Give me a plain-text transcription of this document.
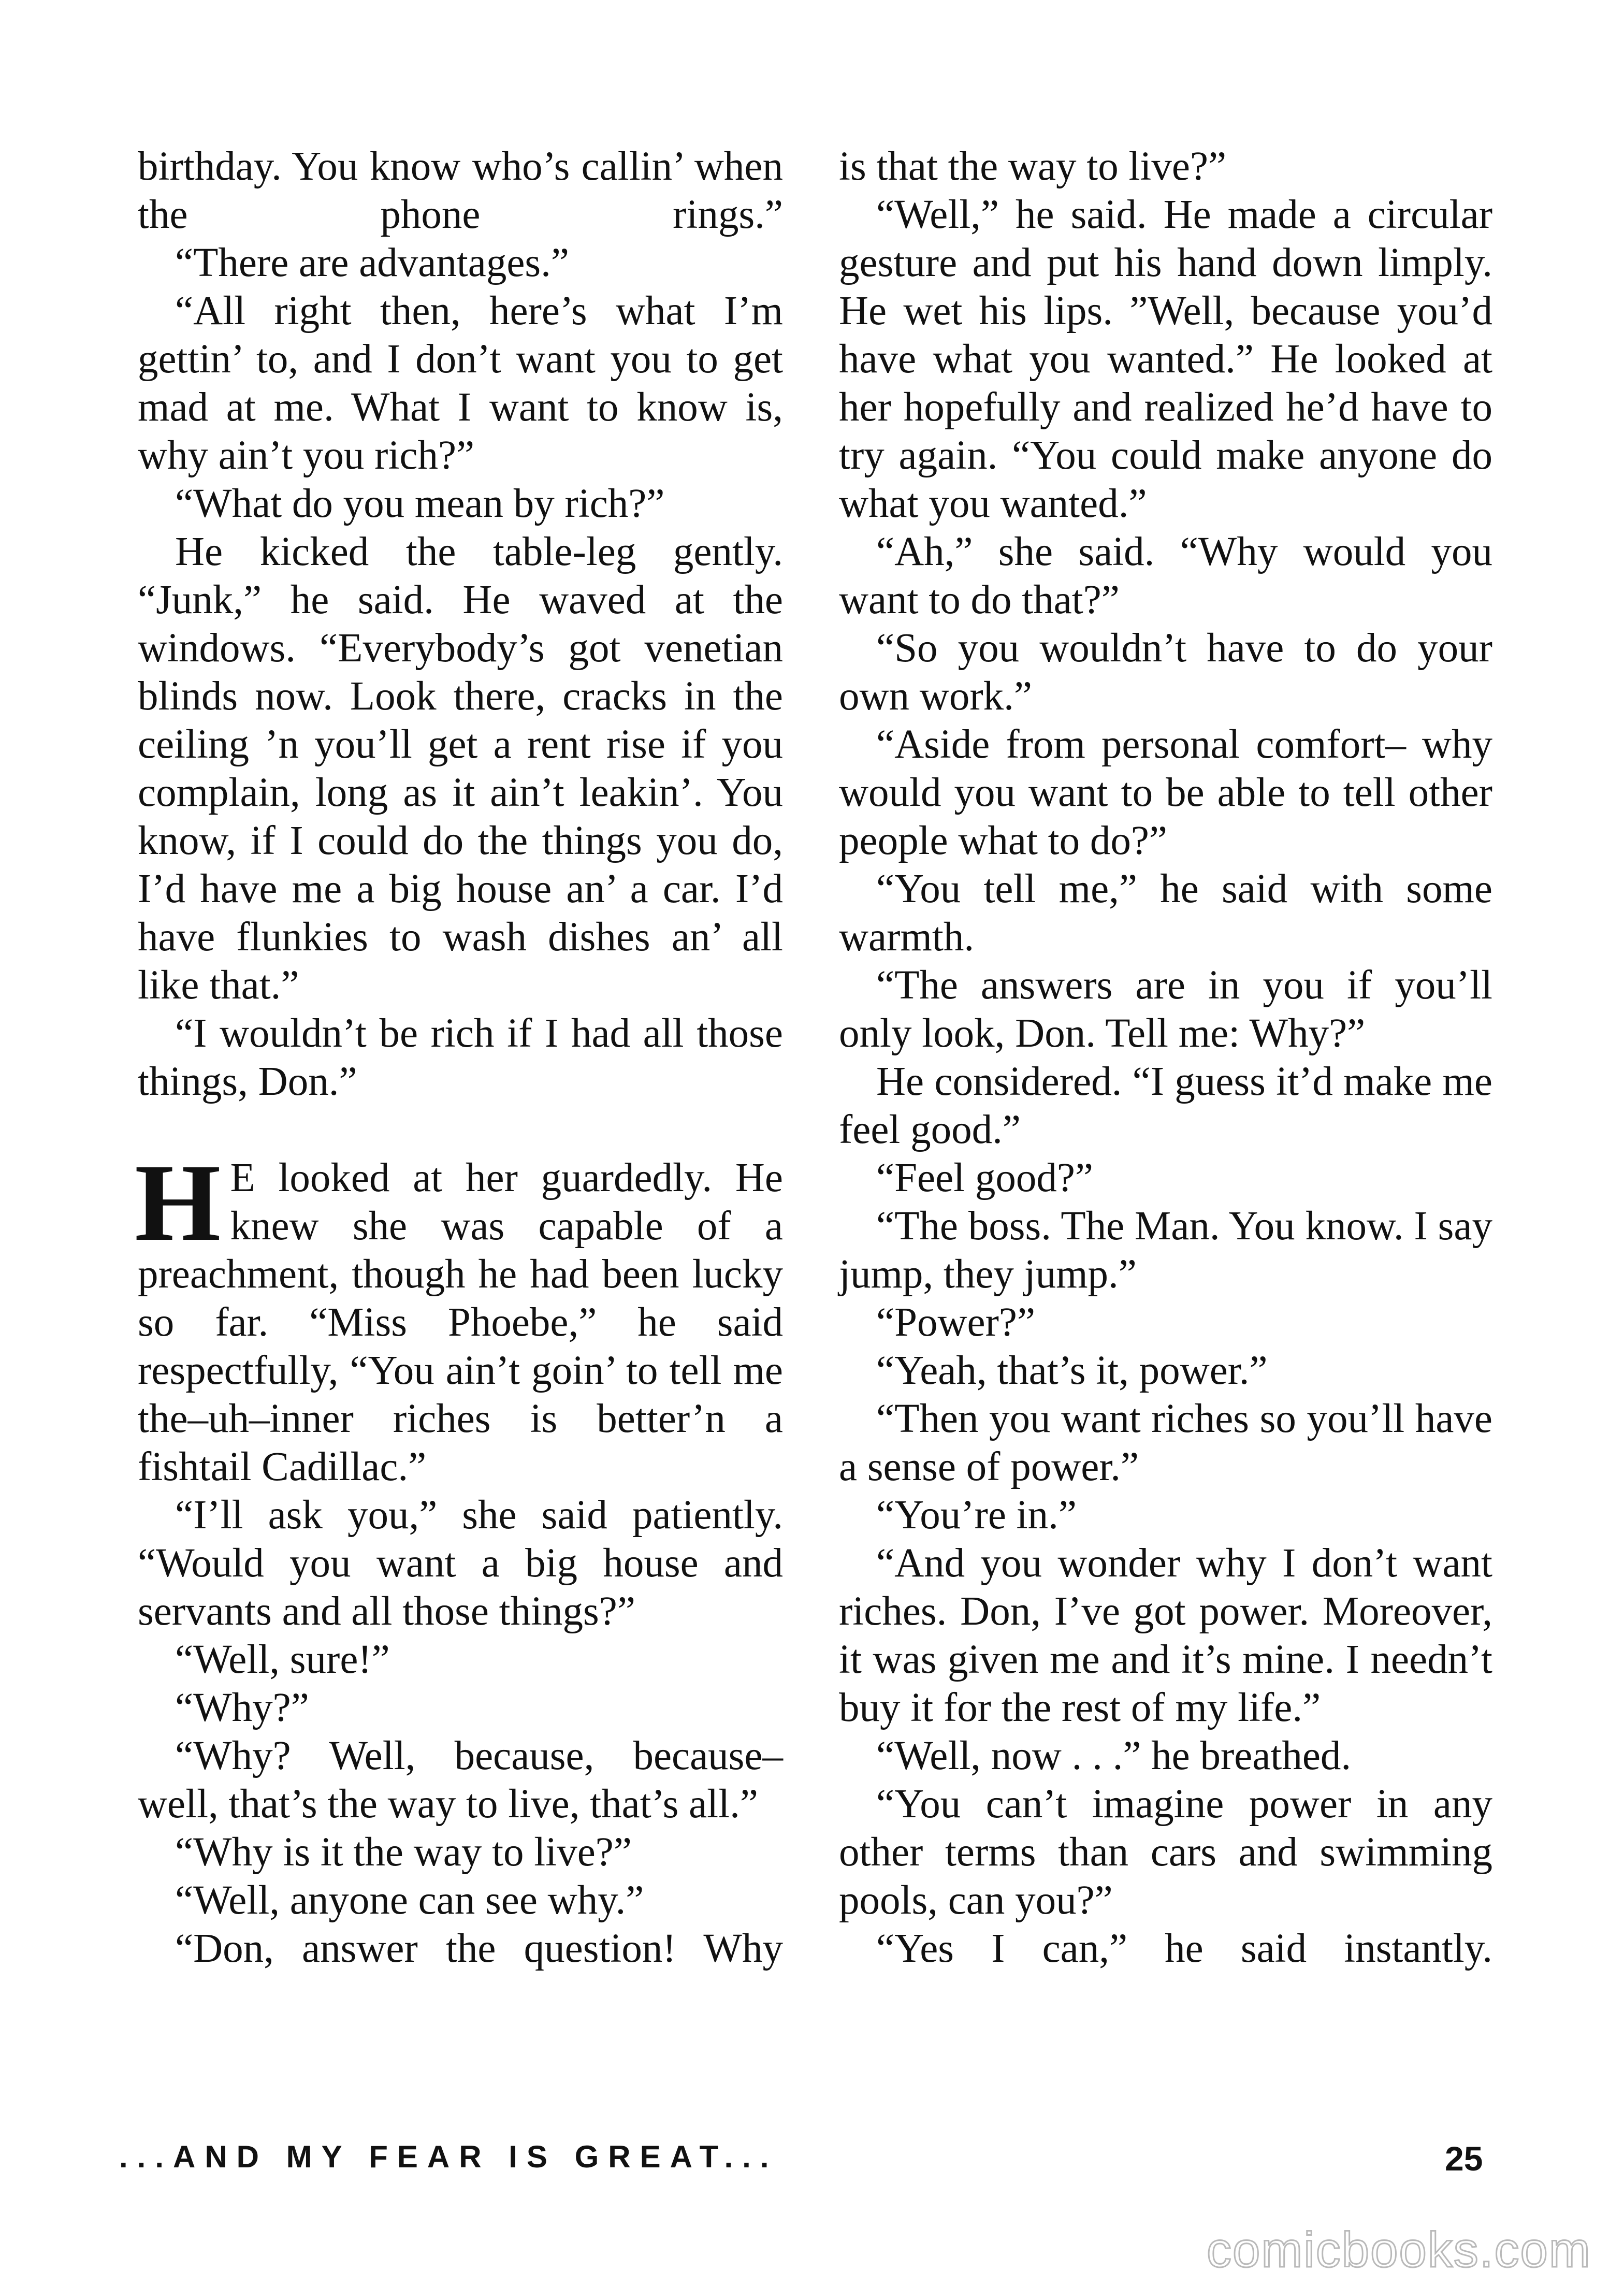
birthday. You know who’s callin’ when the phone rings.”

“There are advantages.”

“All right then, here’s what I’m gettin’ to, and I don’t want you to get mad at me. What I want to know is, why ain’t you rich?”

“What do you mean by rich?”

He kicked the table-leg gently. “Junk,” he said. He waved at the windows. “Everybody’s got venetian blinds now. Look there, cracks in the ceiling ’n you’ll get a rent rise if you complain, long as it ain’t leakin’. You know, if I could do the things you do, I’d have me a big house an’ a car. I’d have flunkies to wash dishes an’ all like that.”

“I wouldn’t be rich if I had all those things, Don.”

H E looked at her guardedly. He knew she was capable of a preachment, though he had been lucky so far. “Miss Phoebe,” he said respectfully, “You ain’t goin’ to tell me the–uh–inner riches is better’n a fishtail Cadillac.”

“I’ll ask you,” she said patiently. “Would you want a big house and servants and all those things?”

“Well, sure!”

“Why?”

“Why? Well, because, because– well, that’s the way to live, that’s all.”

“Why is it the way to live?”

“Well, anyone can see why.”

“Don, answer the question! Why

is that the way to live?”

“Well,” he said. He made a circular gesture and put his hand down limply. He wet his lips. ”Well, because you’d have what you wanted.” He looked at her hopefully and realized he’d have to try again. “You could make anyone do what you wanted.”

“Ah,” she said. “Why would you want to do that?”

“So you wouldn’t have to do your own work.”

“Aside from personal comfort– why would you want to be able to tell other people what to do?”

“You tell me,” he said with some warmth.

“The answers are in you if you’ll only look, Don. Tell me: Why?”

He considered. “I guess it’d make me feel good.”

“Feel good?”

“The boss. The Man. You know. I say jump, they jump.”

“Power?”

“Yeah, that’s it, power.”

“Then you want riches so you’ll have a sense of power.”

“You’re in.”

“And you wonder why I don’t want riches. Don, I’ve got power. Moreover, it was given me and it’s mine. I needn’t buy it for the rest of my life.”

“Well, now . . .” he breathed.

“You can’t imagine power in any other terms than cars and swimming pools, can you?”

“Yes I can,” he said instantly.

...AND MY FEAR IS GREAT...	25
comicbooks.com
